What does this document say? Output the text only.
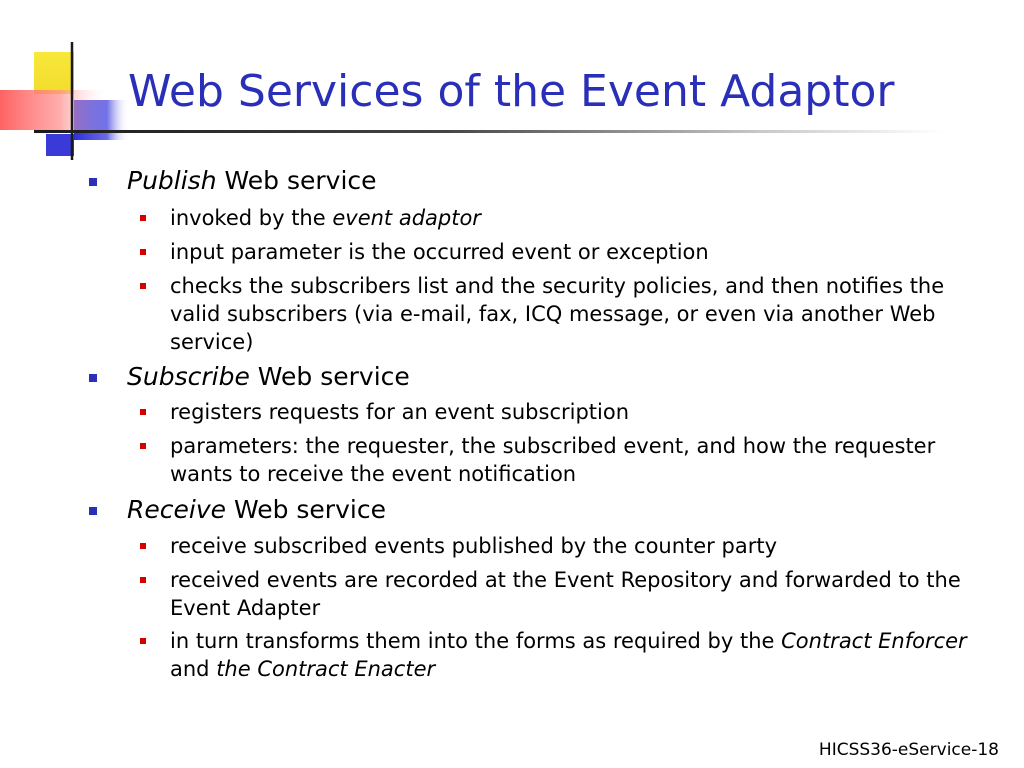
Web Services of the Event Adaptor
Publish Web service
invoked by the event adaptor
input parameter is the occurred event or exception
checks the subscribers list and the security policies, and then notifies the valid subscribers (via e-mail, fax, ICQ message, or even via another Web service)
Subscribe Web service
registers requests for an event subscription
parameters: the requester, the subscribed event, and how the requester wants to receive the event notification
Receive Web service
receive subscribed events published by the counter party
received events are recorded at the Event Repository and forwarded to the Event Adapter
in turn transforms them into the forms as required by the Contract Enforcer and the Contract Enacter
HICSS36-eService-18
